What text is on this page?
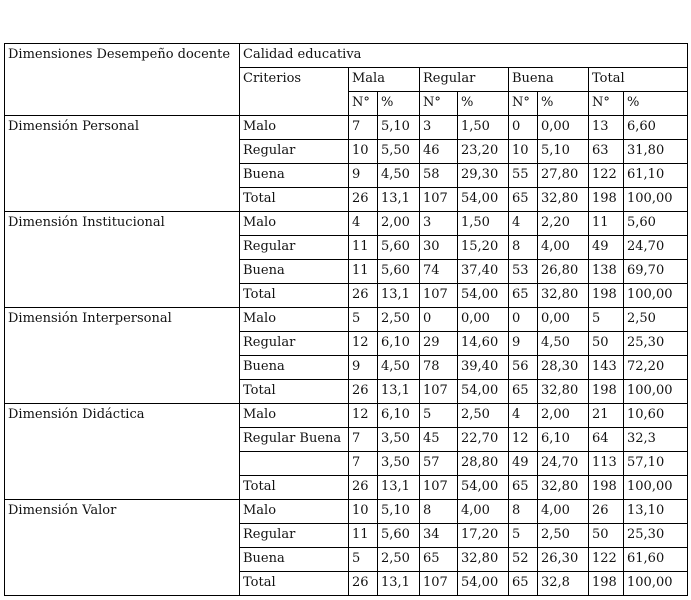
Dimensiones Desempeño docente	Calidad educativa								
	Criterios	Mala		Regular		Buena		Total	
		N°	%	N°	%	N°	%	N°	%
Dimensión Personal	Malo	7	5,10	3	1,50	0	0,00	13	6,60
	Regular	10	5,50	46	23,20	10	5,10	63	31,80
	Buena	9	4,50	58	29,30	55	27,80	122	61,10
	Total	26	13,1	107	54,00	65	32,80	198	100,00
Dimensión Institucional	Malo	4	2,00	3	1,50	4	2,20	11	5,60
	Regular	11	5,60	30	15,20	8	4,00	49	24,70
	Buena	11	5,60	74	37,40	53	26,80	138	69,70
	Total	26	13,1	107	54,00	65	32,80	198	100,00
Dimensión Interpersonal	Malo	5	2,50	0	0,00	0	0,00	5	2,50
	Regular	12	6,10	29	14,60	9	4,50	50	25,30
	Buena	9	4,50	78	39,40	56	28,30	143	72,20
	Total	26	13,1	107	54,00	65	32,80	198	100,00
Dimensión Didáctica	Malo	12	6,10	5	2,50	4	2,00	21	10,60
	Regular Buena	7	3,50	45	22,70	12	6,10	64	32,3
		7	3,50	57	28,80	49	24,70	113	57,10
	Total	26	13,1	107	54,00	65	32,80	198	100,00
Dimensión Valor	Malo	10	5,10	8	4,00	8	4,00	26	13,10
	Regular	11	5,60	34	17,20	5	2,50	50	25,30
	Buena	5	2,50	65	32,80	52	26,30	122	61,60
	Total	26	13,1	107	54,00	65	32,8	198	100,00
